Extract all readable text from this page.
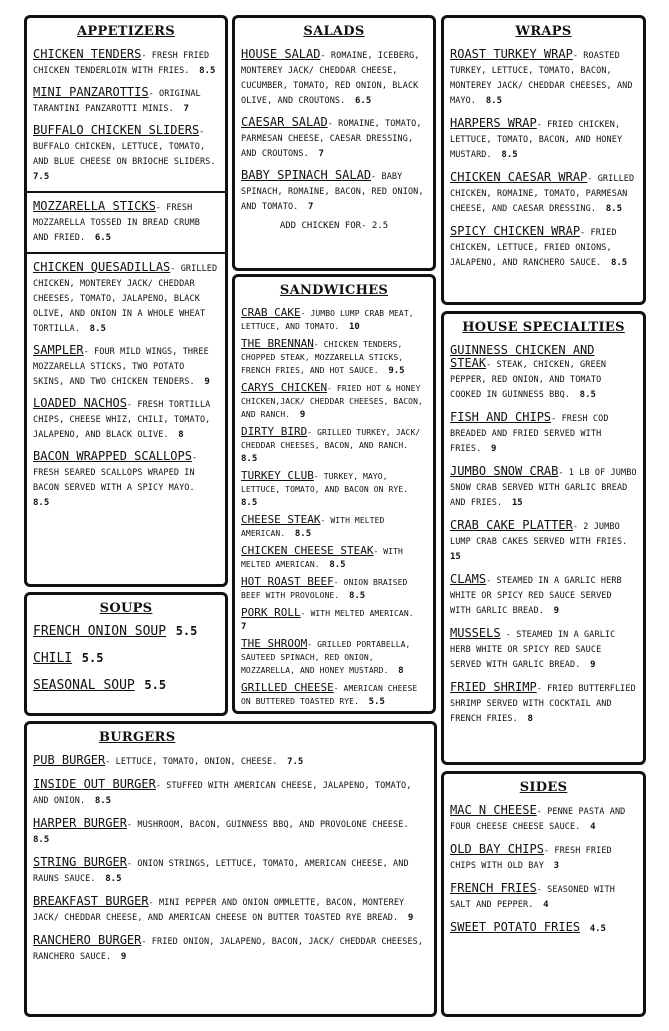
APPETIZERS
CHICKEN TENDERS- FRESH FRIED CHICKEN TENDERLOIN WITH FRIES. 8.5
MINI PANZAROTTIS- ORIGINAL TARANTINI PANZAROTTI MINIS. 7
BUFFALO CHICKEN SLIDERS- BUFFALO CHICKEN, LETTUCE, TOMATO, AND BLUE CHEESE ON BRIOCHE SLIDERS. 7.5
MOZZARELLA STICKS- FRESH MOZZARELLA TOSSED IN BREAD CRUMB AND FRIED. 6.5
CHICKEN QUESADILLAS- GRILLED CHICKEN, MONTEREY JACK/ CHEDDAR CHEESES, TOMATO, JALAPENO, BLACK OLIVE, AND ONION IN A WHOLE WHEAT TORTILLA. 8.5
SAMPLER- FOUR MILD WINGS, THREE MOZZARELLA STICKS, TWO POTATO SKINS, AND TWO CHICKEN TENDERS. 9
LOADED NACHOS- FRESH TORTILLA CHIPS, CHEESE WHIZ, CHILI, TOMATO, JALAPENO, AND BLACK OLIVE. 8
BACON WRAPPED SCALLOPS- FRESH SEARED SCALLOPS WRAPED IN BACON SERVED WITH A SPICY MAYO. 8.5
SALADS
HOUSE SALAD- ROMAINE, ICEBERG, MONTEREY JACK/ CHEDDAR CHEESE, CUCUMBER, TOMATO, RED ONION, BLACK OLIVE, AND CROUTONS. 6.5
CAESAR SALAD- ROMAINE, TOMATO, PARMESAN CHEESE, CAESAR DRESSING, AND CROUTONS. 7
BABY SPINACH SALAD- BABY SPINACH, ROMAINE, BACON, RED ONION, AND TOMATO. 7
ADD CHICKEN FOR- 2.5
WRAPS
ROAST TURKEY WRAP- ROASTED TURKEY, LETTUCE, TOMATO, BACON, MONTEREY JACK/ CHEDDAR CHEESES, AND MAYO. 8.5
HARPERS WRAP- FRIED CHICKEN, LETTUCE, TOMATO, BACON, AND HONEY MUSTARD. 8.5
CHICKEN CAESAR WRAP- GRILLED CHICKEN, ROMAINE, TOMATO, PARMESAN CHEESE, AND CAESAR DRESSING. 8.5
SPICY CHICKEN WRAP- FRIED CHICKEN, LETTUCE, FRIED ONIONS, JALAPENO, AND RANCHERO SAUCE. 8.5
SANDWICHES
CRAB CAKE- JUMBO LUMP CRAB MEAT, LETTUCE, AND TOMATO. 10
THE BRENNAN- CHICKEN TENDERS, CHOPPED STEAK, MOZZARELLA STICKS, FRENCH FRIES, AND HOT SAUCE. 9.5
CARYS CHICKEN- FRIED HOT & HONEY CHICKEN,JACK/ CHEDDAR CHEESES, BACON, AND RANCH. 9
DIRTY BIRD- GRILLED TURKEY, JACK/ CHEDDAR CHEESES, BACON, AND RANCH. 8.5
TURKEY CLUB- TURKEY, MAYO, LETTUCE, TOMATO, AND BACON ON RYE. 8.5
CHEESE STEAK- WITH MELTED AMERICAN. 8.5
CHICKEN CHEESE STEAK- WITH MELTED AMERICAN. 8.5
HOT ROAST BEEF- ONION BRAISED BEEF WITH PROVOLONE. 8.5
PORK ROLL- WITH MELTED AMERICAN. 7
THE SHROOM- GRILLED PORTABELLA, SAUTEED SPINACH, RED ONION, MOZZARELLA, AND HONEY MUSTARD. 8
GRILLED CHEESE- AMERICAN CHEESE ON BUTTERED TOASTED RYE. 5.5
HOUSE SPECIALTIES
GUINNESS CHICKEN AND STEAK- STEAK, CHICKEN, GREEN PEPPER, RED ONION, AND TOMATO COOKED IN GUINNESS BBQ. 8.5
FISH AND CHIPS- FRESH COD BREADED AND FRIED SERVED WITH FRIES. 9
JUMBO SNOW CRAB- 1 LB OF JUMBO SNOW CRAB SERVED WITH GARLIC BREAD AND FRIES. 15
CRAB CAKE PLATTER- 2 JUMBO LUMP CRAB CAKES SERVED WITH FRIES. 15
CLAMS- STEAMED IN A GARLIC HERB WHITE OR SPICY RED SAUCE SERVED WITH GARLIC BREAD. 9
MUSSELS - STEAMED IN A GARLIC HERB WHITE OR SPICY RED SAUCE SERVED WITH GARLIC BREAD. 9
FRIED SHRIMP- FRIED BUTTERFLIED SHRIMP SERVED WITH COCKTAIL AND FRENCH FRIES. 8
SOUPS
FRENCH ONION SOUP 5.5
CHILI 5.5
SEASONAL SOUP 5.5
BURGERS
PUB BURGER- LETTUCE, TOMATO, ONION, CHEESE. 7.5
INSIDE OUT BURGER- STUFFED WITH AMERICAN CHEESE, JALAPENO, TOMATO, AND ONION. 8.5
HARPER BURGER- MUSHROOM, BACON, GUINNESS BBQ, AND PROVOLONE CHEESE. 8.5
STRING BURGER- ONION STRINGS, LETTUCE, TOMATO, AMERICAN CHEESE, AND RAUNS SAUCE. 8.5
BREAKFAST BURGER- MINI PEPPER AND ONION OMMLETTE, BACON, MONTEREY JACK/ CHEDDAR CHEESE, AND AMERICAN CHEESE ON BUTTER TOASTED RYE BREAD. 9
RANCHERO BURGER- FRIED ONION, JALAPENO, BACON, JACK/ CHEDDAR CHEESES, RANCHERO SAUCE. 9
SIDES
MAC N CHEESE- PENNE PASTA AND FOUR CHEESE CHEESE SAUCE. 4
OLD BAY CHIPS- FRESH FRIED CHIPS WITH OLD BAY 3
FRENCH FRIES- SEASONED WITH SALT AND PEPPER. 4
SWEET POTATO FRIES 4.5
